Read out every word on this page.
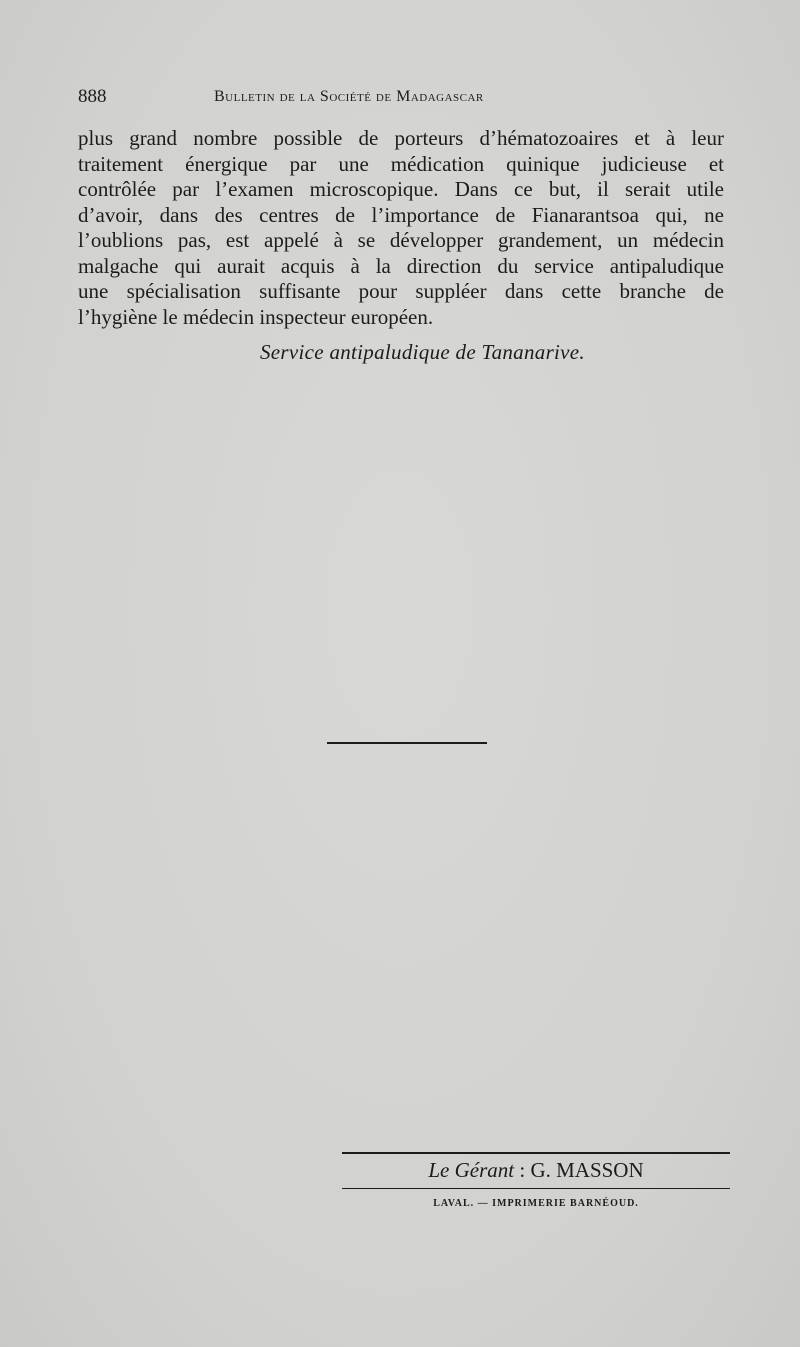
888	Bulletin de la Société de Madagascar
plus grand nombre possible de porteurs d’hématozoaires et à leur
traitement énergique par une médication quinique judicieuse et
contrôlée par l’examen microscopique. Dans ce but, il serait utile
d’avoir, dans des centres de l’importance de Fianarantsoa qui, ne
l’oublions pas, est appelé à se développer grandement, un médecin
malgache qui aurait acquis à la direction du service antipaludique
une spécialisation suffisante pour suppléer dans cette branche de
l’hygiène le médecin inspecteur européen.
Service antipaludique de Tananarive.
Le Gérant : G. MASSON
LAVAL. — IMPRIMERIE BARNÉOUD.
